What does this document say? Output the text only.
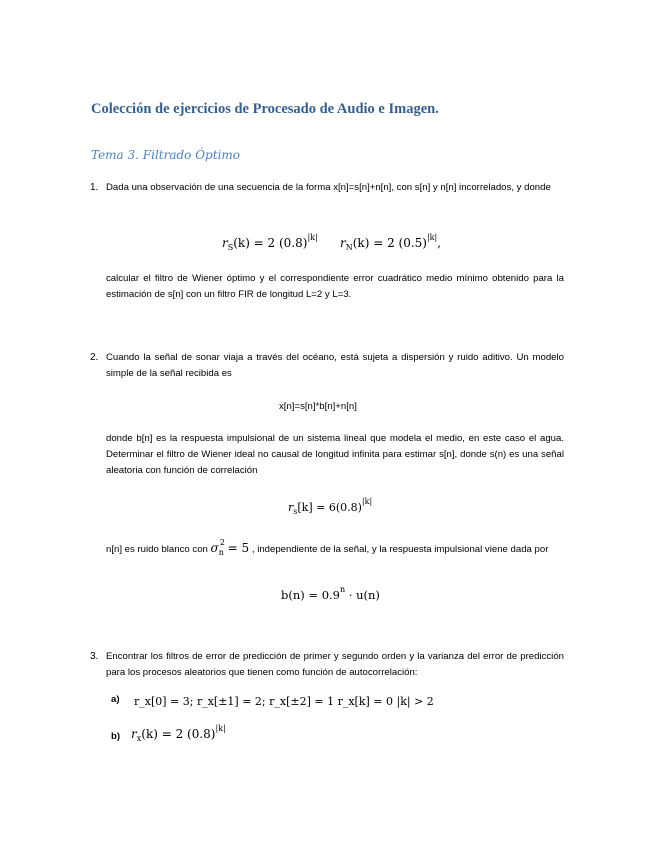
Colección de ejercicios de Procesado de Audio e Imagen.
Tema 3. Filtrado Óptimo
1. Dada una observación de una secuencia de la forma x[n]=s[n]+n[n], con s[n] y n[n] incorrelados, y donde
$r_S(k) = 2$ $(0.8)^{|k|}$ $r_N(k) = 2$ $(0.5)^{|k|}$,
calcular el filtro de Wiener óptimo y el correspondiente error cuadrático medio mínimo obtenido para la estimación de s[n] con un filtro FIR de longitud L=2 y L=3.
2. Cuando la señal de sonar viaja a través del océano, está sujeta a dispersión y ruido aditivo. Un modelo simple de la señal recibida es
x[n]=s[n]*b[n]+n[n]
donde b[n] es la respuesta impulsional de un sistema lineal que modela el medio, en este caso el agua. Determinar el filtro de Wiener ideal no causal de longitud infinita para estimar s[n], donde s(n) es una señal aleatoria con función de correlación
$r_s[k] = 6(0.8)^{|k|}$
n[n] es ruido blanco con $\sigma_n^2 = 5$ , independiente de la señal, y la respuesta impulsional viene dada por
$b(n) = 0.9^n \cdot u(n)$
3. Encontrar los filtros de error de predicción de primer y segundo orden y la varianza del error de predicción para los procesos aleatorios que tienen como función de autocorrelación:
a) r_x[0] = 3; r_x[±1] = 2; r_x[±2] = 1 r_x[k] = 0 |k| > 2
b) $r_x(k) = 2$ $(0.8)^{|k|}$
